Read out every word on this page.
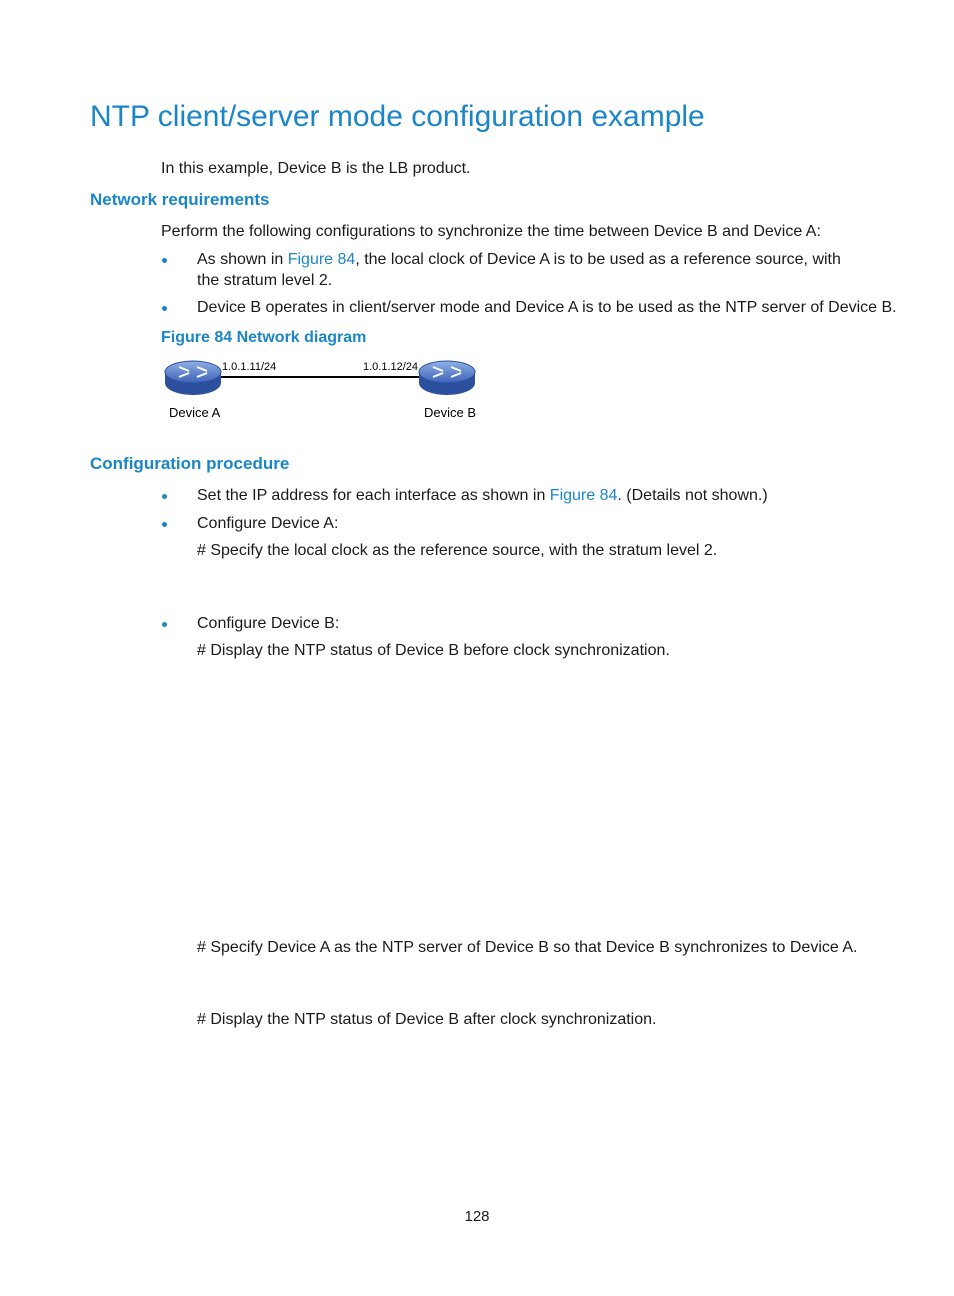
NTP client/server mode configuration example
In this example, Device B is the LB product.
Network requirements
Perform the following configurations to synchronize the time between Device B and Device A:
As shown in Figure 84, the local clock of Device A is to be used as a reference source, with the stratum level 2.
Device B operates in client/server mode and Device A is to be used as the NTP server of Device B.
Figure 84 Network diagram
1.0.1.11/24	1.0.1.12/24
Device A	Device B
Configuration procedure
Set the IP address for each interface as shown in Figure 84. (Details not shown.)
Configure Device A:
# Specify the local clock as the reference source, with the stratum level 2.
Configure Device B:
# Display the NTP status of Device B before clock synchronization.
# Specify Device A as the NTP server of Device B so that Device B synchronizes to Device A.
# Display the NTP status of Device B after clock synchronization.
128
